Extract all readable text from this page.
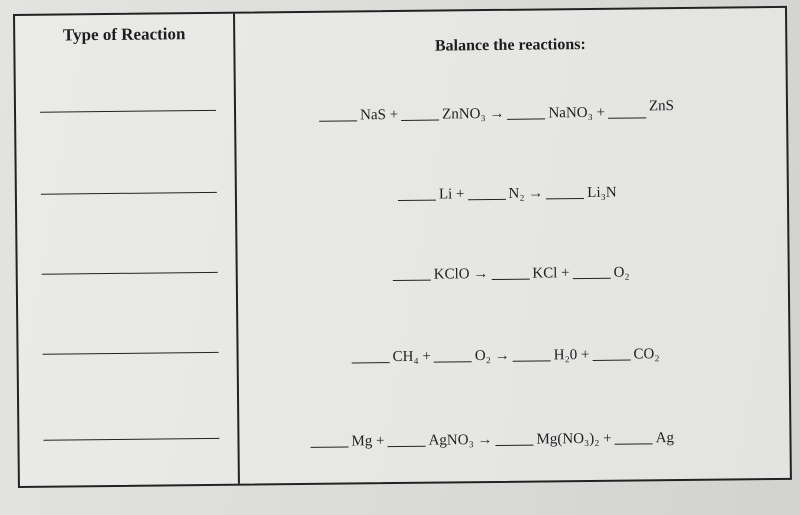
Type of Reaction
Balance the reactions:
NaS +	ZnNO₃ →	NaNO₃ +	ZnS
Li +	N₂ →	Li₃N
KClO →	KCl +	O₂
CH₄ +	O₂ →	H₂0 +	CO₂
Mg +	AgNO₃ →	Mg(NO₃)₂ +	Ag
